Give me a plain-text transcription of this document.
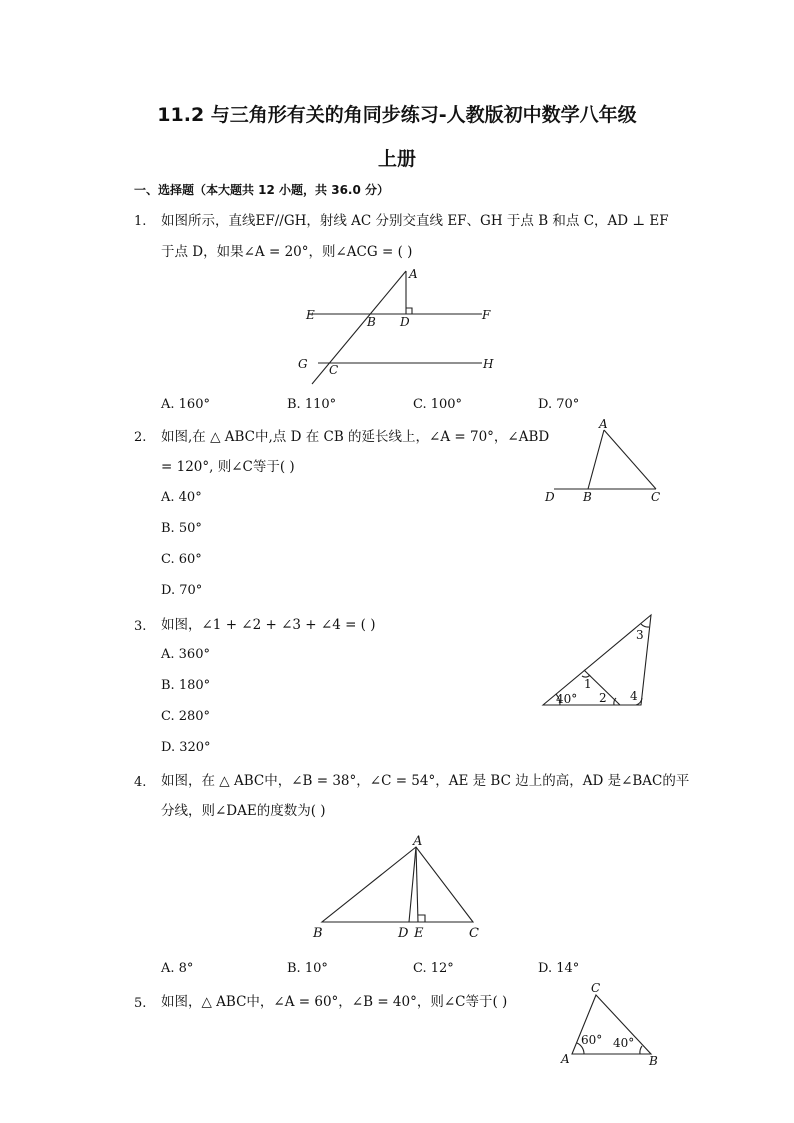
11.2 与三角形有关的角同步练习-人教版初中数学八年级
上册
一、选择题（本大题共 12 小题，共 36.0 分）
1. 如图所示，直线EF//GH，射线 AC 分别交直线 EF、GH 于点 B 和点 C，AD ⊥ EF
于点 D，如果∠A = 20°，则∠ACG = ( )
A
E	B D	F
G C	H
A. 160°	B. 110°	C. 100°	D. 70°
2. 如图,在 △ ABC中,点 D 在 CB 的延长线上，∠A = 70°，∠ABD
= 120°, 则∠C等于( )
A
D B	C
A. 40°
B. 50°
C. 60°
D. 70°
3. 如图，∠1 + ∠2 + ∠3 + ∠4 = ( )
3
1
40° 2 4
A. 360°
B. 180°
C. 280°
D. 320°
4. 如图，在 △ ABC中，∠B = 38°，∠C = 54°，AE 是 BC 边上的高，AD 是∠BAC的平
分线，则∠DAE的度数为( )
A
B	D E	C
A. 8°	B. 10°	C. 12°	D. 14°
5. 如图，△ ABC中，∠A = 60°，∠B = 40°，则∠C等于( )
C
60° 40°
A	B
